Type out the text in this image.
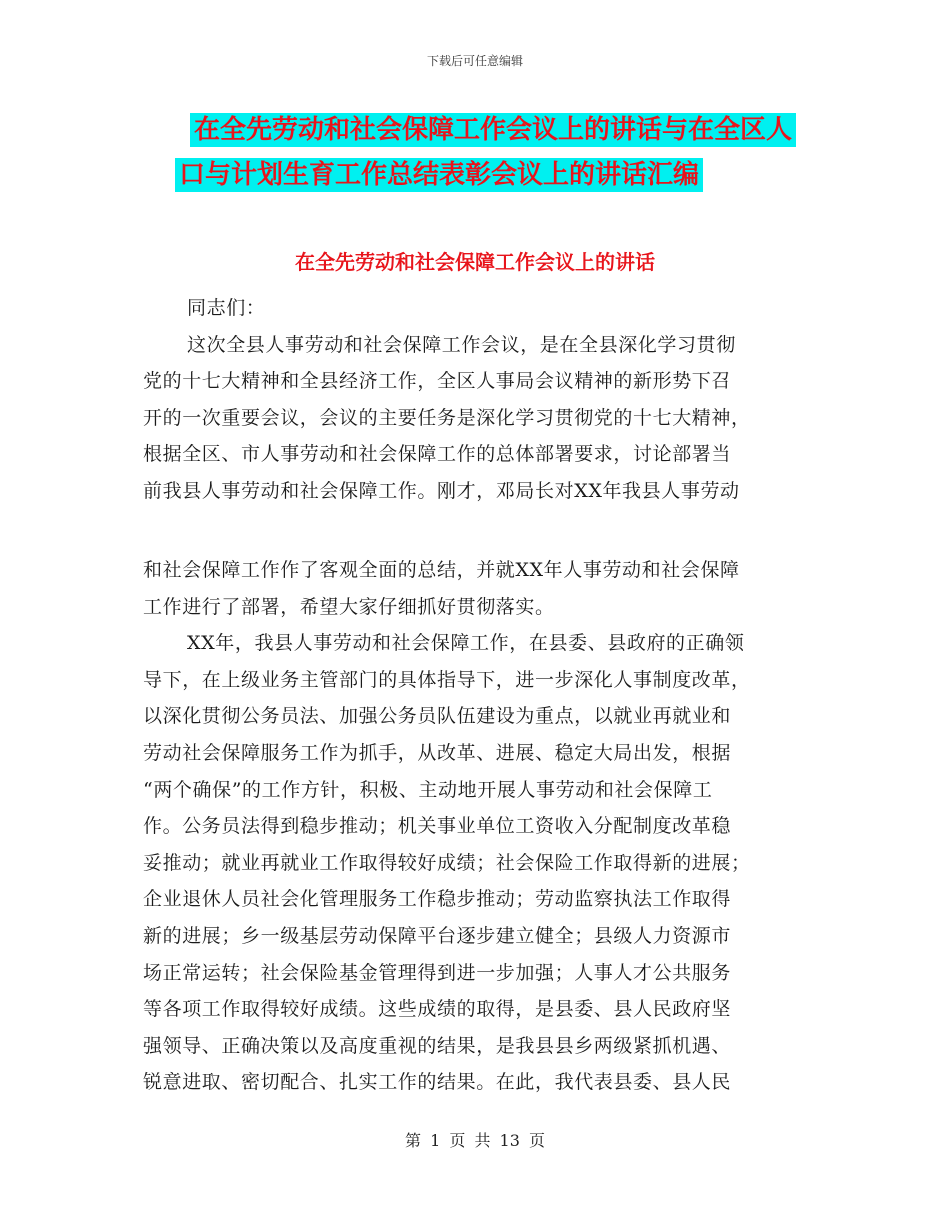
下载后可任意编辑
在全先劳动和社会保障工作会议上的讲话与在全区人
口与计划生育工作总结表彰会议上的讲话汇编
在全先劳动和社会保障工作会议上的讲话

同志们：

这次全县人事劳动和社会保障工作会议，是在全县深化学习贯彻

党的十七大精神和全县经济工作，全区人事局会议精神的新形势下召

开的一次重要会议，会议的主要任务是深化学习贯彻党的十七大精神，

根据全区、市人事劳动和社会保障工作的总体部署要求，讨论部署当

前我县人事劳动和社会保障工作。刚才，邓局长对XX年我县人事劳动

和社会保障工作作了客观全面的总结，并就XX年人事劳动和社会保障

工作进行了部署，希望大家仔细抓好贯彻落实。

XX年，我县人事劳动和社会保障工作，在县委、县政府的正确领

导下，在上级业务主管部门的具体指导下，进一步深化人事制度改革，

以深化贯彻公务员法、加强公务员队伍建设为重点，以就业再就业和

劳动社会保障服务工作为抓手，从改革、进展、稳定大局出发，根据

“两个确保”的工作方针，积极、主动地开展人事劳动和社会保障工

作。公务员法得到稳步推动；机关事业单位工资收入分配制度改革稳

妥推动；就业再就业工作取得较好成绩；社会保险工作取得新的进展；

企业退休人员社会化管理服务工作稳步推动；劳动监察执法工作取得

新的进展；乡一级基层劳动保障平台逐步建立健全；县级人力资源市

场正常运转；社会保险基金管理得到进一步加强；人事人才公共服务

等各项工作取得较好成绩。这些成绩的取得，是县委、县人民政府坚

强领导、正确决策以及高度重视的结果，是我县县乡两级紧抓机遇、

锐意进取、密切配合、扎实工作的结果。在此，我代表县委、县人民

第 1 页 共 13 页
